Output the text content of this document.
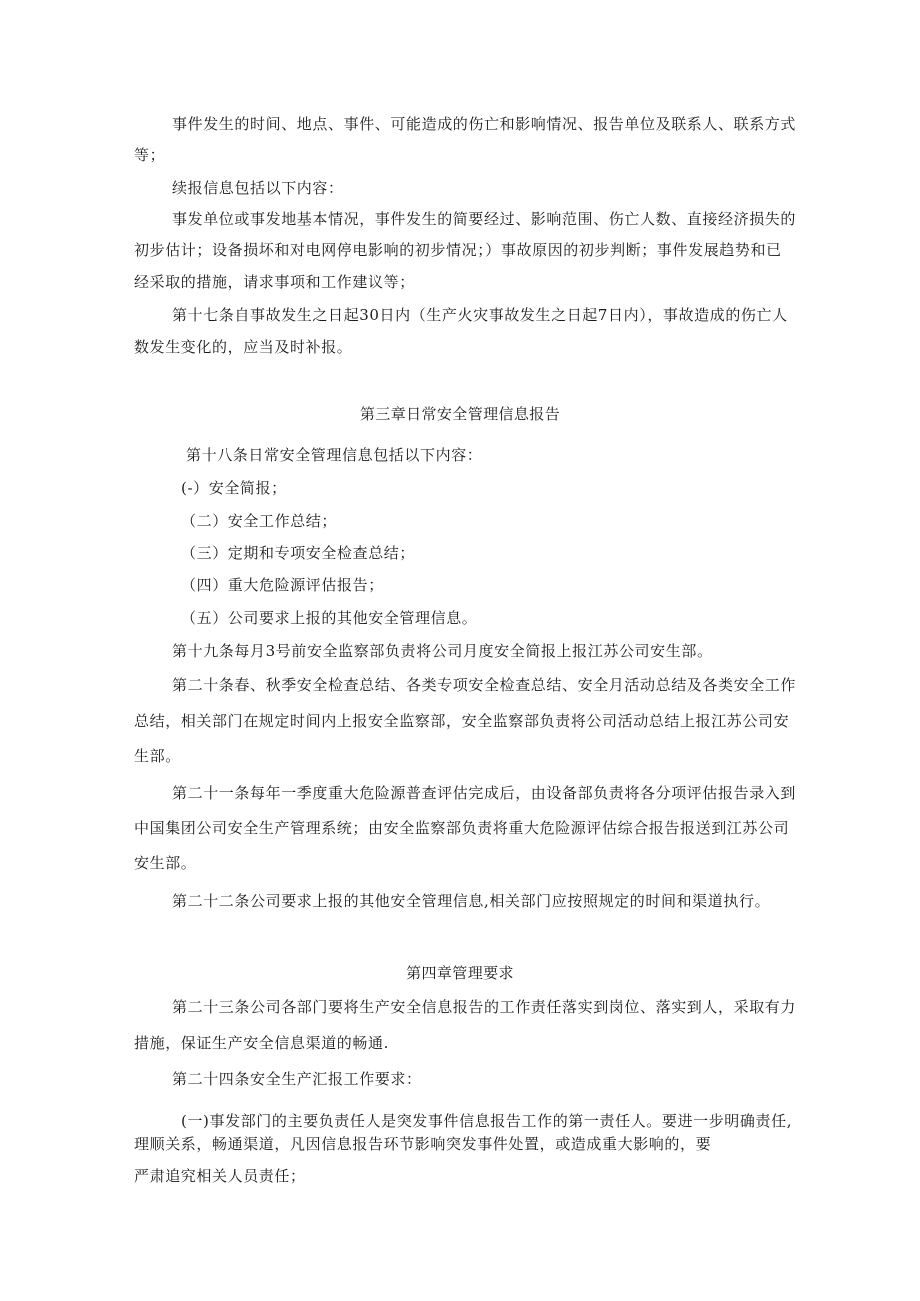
事件发生的时间、地点、事件、可能造成的伤亡和影响情况、报告单位及联系人、联系方式
等；
续报信息包括以下内容：
事发单位或事发地基本情况，事件发生的简要经过、影响范围、伤亡人数、直接经济损失的
初步估计；设备损坏和对电网停电影响的初步情况；）事故原因的初步判断；事件发展趋势和已
经采取的措施，请求事项和工作建议等；
第十七条自事故发生之日起30日内（生产火灾事故发生之日起7日内），事故造成的伤亡人
数发生变化的，应当及时补报。
第三章日常安全管理信息报告
第十八条日常安全管理信息包括以下内容：
(-）安全简报；
（二）安全工作总结；
（三）定期和专项安全检查总结；
（四）重大危险源评估报告；
（五）公司要求上报的其他安全管理信息。
第十九条每月3号前安全监察部负责将公司月度安全简报上报江苏公司安生部。
第二十条春、秋季安全检查总结、各类专项安全检查总结、安全月活动总结及各类安全工作
总结，相关部门在规定时间内上报安全监察部，安全监察部负责将公司活动总结上报江苏公司安
生部。
第二十一条每年一季度重大危险源普查评估完成后，由设备部负责将各分项评估报告录入到
中国集团公司安全生产管理系统；由安全监察部负责将重大危险源评估综合报告报送到江苏公司
安生部。
第二十二条公司要求上报的其他安全管理信息,相关部门应按照规定的时间和渠道执行。
第四章管理要求
第二十三条公司各部门要将生产安全信息报告的工作责任落实到岗位、落实到人，采取有力
措施，保证生产安全信息渠道的畅通.
第二十四条安全生产汇报工作要求：
(一)事发部门的主要负责任人是突发事件信息报告工作的第一责任人。要进一步明确责任,
理顺关系，畅通渠道，凡因信息报告环节影响突发事件处置，或造成重大影响的，要
严肃追究相关人员责任；
